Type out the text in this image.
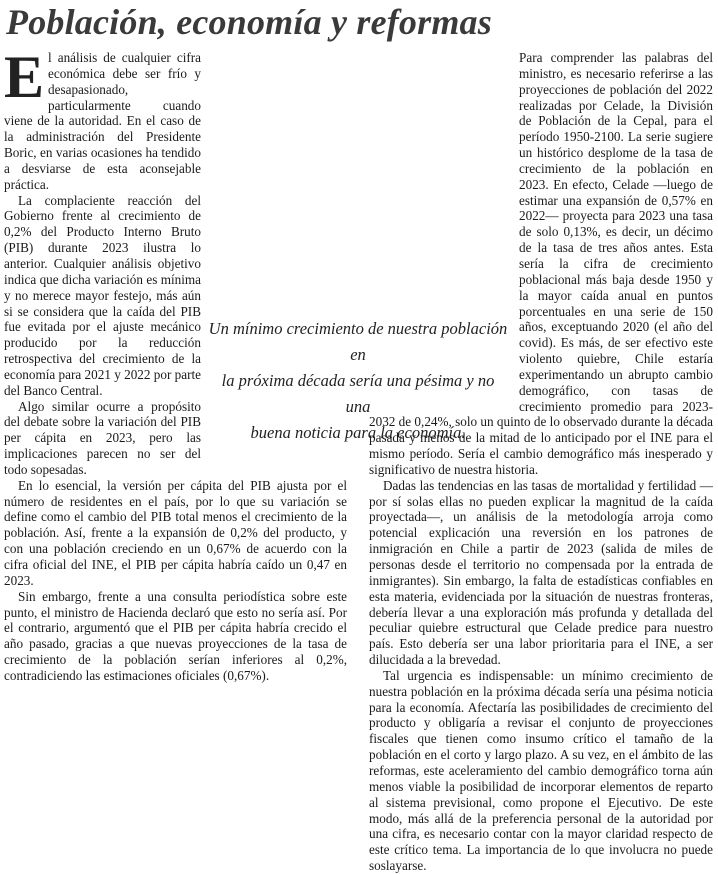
Población, economía y reformas
E l análisis de cualquier cifra económica debe ser frío y desapasionado, particularmente cuando viene de la autoridad. En el caso de la administración del Presidente Boric, en varias ocasiones ha tendido a desviarse de esta aconsejable práctica.

La complaciente reacción del Gobierno frente al crecimiento de 0,2% del Producto Interno Bruto (PIB) durante 2023 ilustra lo anterior. Cualquier análisis objetivo indica que dicha variación es mínima y no merece mayor festejo, más aún si se considera que la caída del PIB fue evitada por el ajuste mecánico producido por la reducción retrospectiva del crecimiento de la economía para 2021 y 2022 por parte del Banco Central.

Algo similar ocurre a propósito del debate sobre la variación del PIB per cápita en 2023, pero las implicaciones parecen no ser del todo sopesadas.

En lo esencial, la versión per cápita del PIB ajusta por el número de residentes en el país, por lo que su variación se define como el cambio del PIB total menos el crecimiento de la población. Así, frente a la expansión de 0,2% del producto, y con una población creciendo en un 0,67% de acuerdo con la cifra oficial del INE, el PIB per cápita habría caído un 0,47 en 2023.

Sin embargo, frente a una consulta periodística sobre este punto, el ministro de Hacienda declaró que esto no sería así. Por el contrario, argumentó que el PIB per cápita habría crecido el año pasado, gracias a que nuevas proyecciones de la tasa de crecimiento de la población serían inferiores al 0,2%, contradiciendo las estimaciones oficiales (0,67%).

Para comprender las palabras del ministro, es necesario referirse a las proyecciones de población del 2022 realizadas por Celade, la División de Población de la Cepal, para el período 1950-2100. La serie sugiere un histórico desplome de la tasa de crecimiento de la población en 2023. En efecto, Celade —luego de estimar una expansión de 0,57% en 2022— proyecta para 2023 una tasa de solo 0,13%, es decir, un décimo de la tasa de tres años antes. Esta sería la cifra de crecimiento poblacional más baja desde 1950 y la mayor caída anual en puntos porcentuales en una serie de 150 años, exceptuando 2020 (el año del covid). Es más, de ser efectivo este violento quiebre, Chile estaría experimentando un abrupto cambio demográfico, con tasas de crecimiento promedio para 2023-2032 de 0,24%, solo un quinto de lo observado durante la década pasada y menos de la mitad de lo anticipado por el INE para el mismo período. Sería el cambio demográfico más inesperado y significativo de nuestra historia.

Dadas las tendencias en las tasas de mortalidad y fertilidad —por sí solas ellas no pueden explicar la magnitud de la caída proyectada—, un análisis de la metodología arroja como potencial explicación una reversión en los patrones de inmigración en Chile a partir de 2023 (salida de miles de personas desde el territorio no compensada por la entrada de inmigrantes). Sin embargo, la falta de estadísticas confiables en esta materia, evidenciada por la situación de nuestras fronteras, debería llevar a una exploración más profunda y detallada del peculiar quiebre estructural que Celade predice para nuestro país. Esto debería ser una labor prioritaria para el INE, a ser dilucidada a la brevedad.

Tal urgencia es indispensable: un mínimo crecimiento de nuestra población en la próxima década sería una pésima noticia para la economía. Afectaría las posibilidades de crecimiento del producto y obligaría a revisar el conjunto de proyecciones fiscales que tienen como insumo crítico el tamaño de la población en el corto y largo plazo. A su vez, en el ámbito de las reformas, este aceleramiento del cambio demográfico torna aún menos viable la posibilidad de incorporar elementos de reparto al sistema previsional, como propone el Ejecutivo. De este modo, más allá de la preferencia personal de la autoridad por una cifra, es necesario contar con la mayor claridad respecto de este crítico tema. La importancia de lo que involucra no puede soslayarse.

Un mínimo crecimiento de nuestra población en

la próxima década sería una pésima y no una

buena noticia para la economía.
